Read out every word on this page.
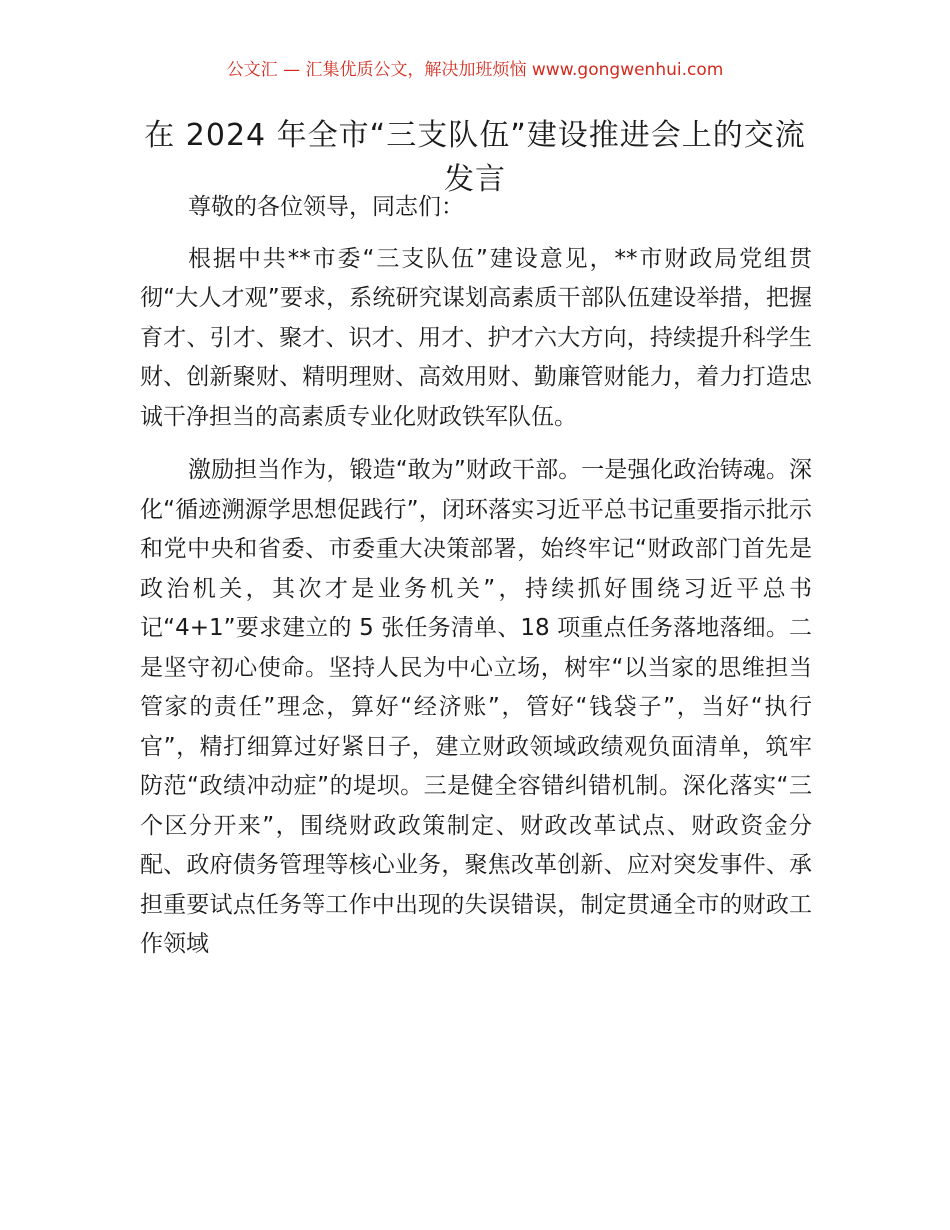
公文汇 — 汇集优质公文，解决加班烦恼 www.gongwenhui.com
在 2024 年全市“三支队伍”建设推进会上的交流发言

尊敬的各位领导，同志们：

根据中共**市委“三支队伍”建设意见，**市财政局党组贯彻“大人才观”要求，系统研究谋划高素质干部队伍建设举措，把握育才、引才、聚才、识才、用才、护才六大方向，持续提升科学生财、创新聚财、精明理财、高效用财、勤廉管财能力，着力打造忠诚干净担当的高素质专业化财政铁军队伍。

激励担当作为，锻造“敢为”财政干部。一是强化政治铸魂。深化“循迹溯源学思想促践行”，闭环落实习近平总书记重要指示批示和党中央和省委、市委重大决策部署，始终牢记“财政部门首先是政治机关，其次才是业务机关”，持续抓好围绕习近平总书记“4+1”要求建立的 5 张任务清单、18 项重点任务落地落细。二是坚守初心使命。坚持人民为中心立场，树牢“以当家的思维担当管家的责任”理念，算好“经济账”，管好“钱袋子”，当好“执行官”，精打细算过好紧日子，建立财政领域政绩观负面清单，筑牢防范“政绩冲动症”的堤坝。三是健全容错纠错机制。深化落实“三个区分开来”，围绕财政政策制定、财政改革试点、财政资金分配、政府债务管理等核心业务，聚焦改革创新、应对突发事件、承担重要试点任务等工作中出现的失误错误，制定贯通全市的财政工作领域
